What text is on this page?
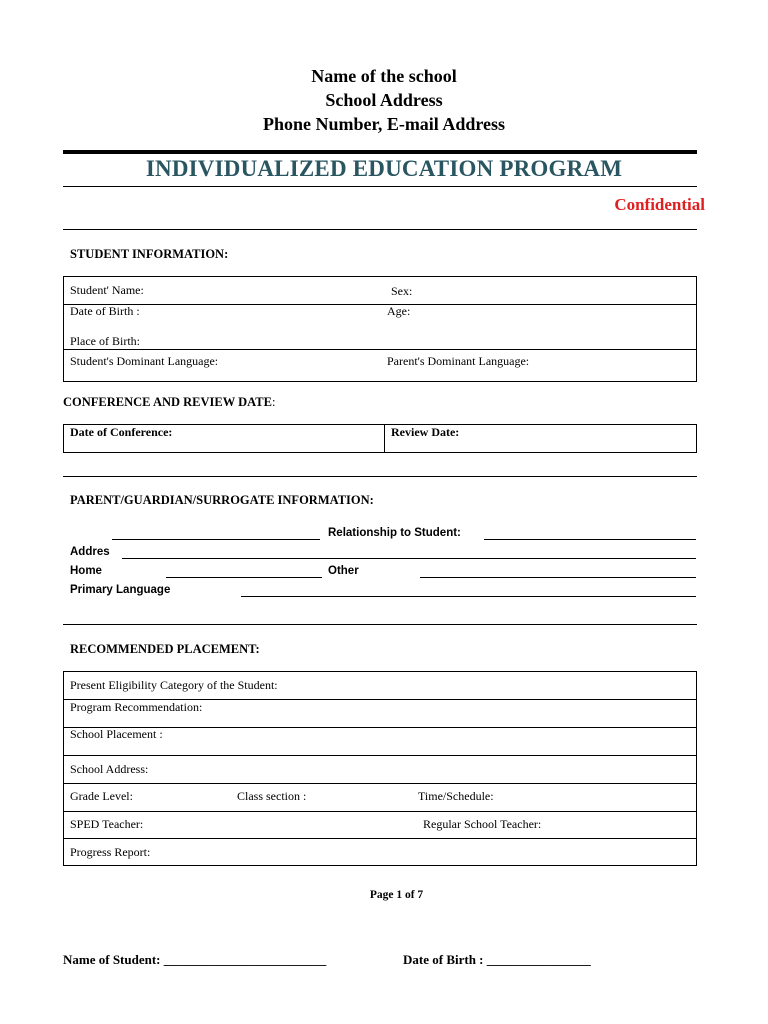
Name of the school
School Address
Phone Number, E-mail Address
INDIVIDUALIZED EDUCATION PROGRAM
Confidential
STUDENT INFORMATION:
Student' Name:	Sex:
Date of Birth :	Age:
Place of Birth:
Student's Dominant Language:	Parent's Dominant Language:
CONFERENCE AND REVIEW DATE:
Date of Conference:	Review Date:
PARENT/GUARDIAN/SURROGATE INFORMATION:
Relationship to Student:
Addres
Home	Other
Primary Language
RECOMMENDED PLACEMENT:
Present Eligibility Category of the Student:
Program Recommendation:
School Placement :
School Address:
Grade Level:	Class section :	Time/Schedule:
SPED Teacher:	Regular School Teacher:
Progress Report:
Page 1 of 7
Name of Student: _________________________	Date of Birth : ________________
